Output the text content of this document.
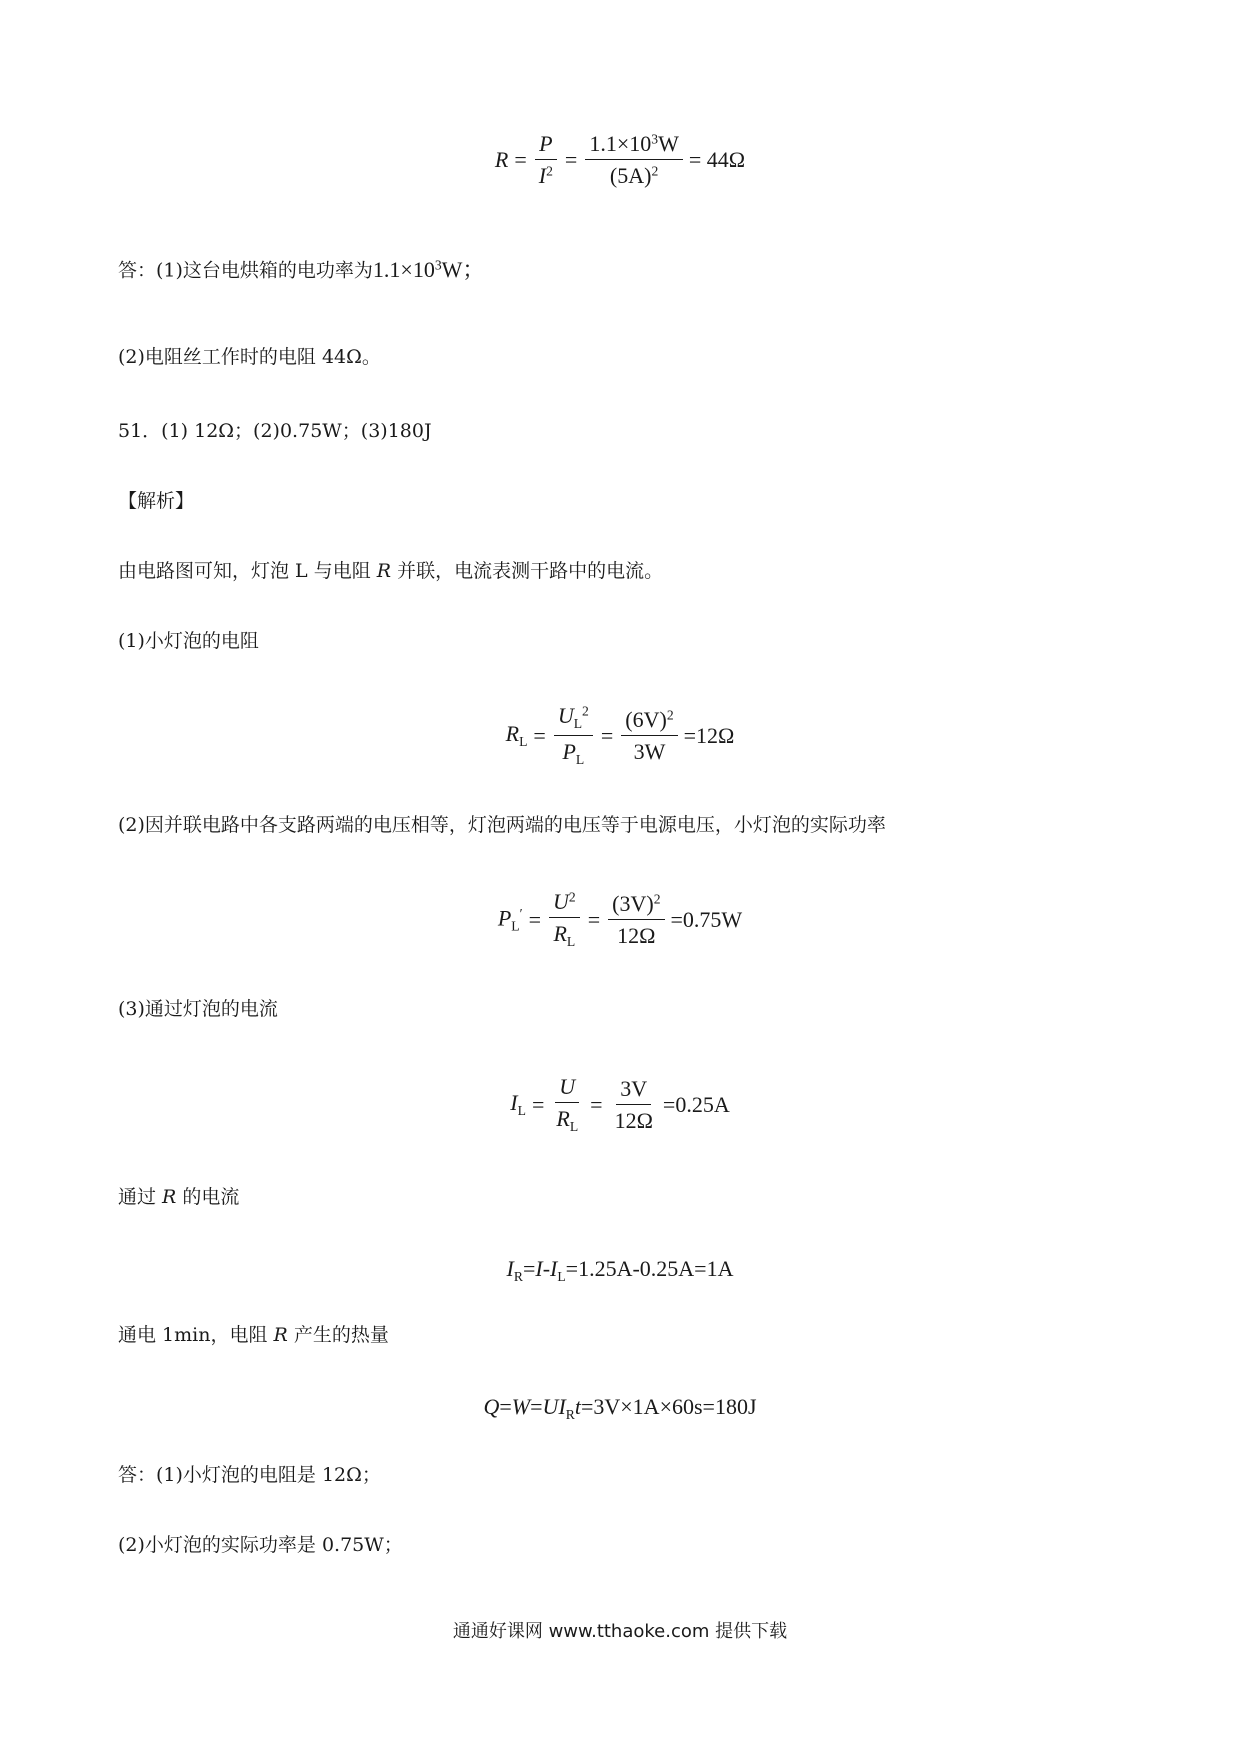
$R = \frac{P}{I^2} = \frac{1.1\times 10^3W}{(5A)^2} = 44\Omega$
答：(1)这台电烘箱的电功率为$1.1\times 10^3W$；
(2)电阻丝工作时的电阻 44Ω。
51．(1) 12Ω；(2)0.75W；(3)180J
【解析】
由电路图可知，灯泡 L 与电阻 R 并联，电流表测干路中的电流。
(1)小灯泡的电阻
$R_L = \frac{U_L^2}{P_L} = \frac{(6V)^2}{3W} =12\Omega$
(2)因并联电路中各支路两端的电压相等，灯泡两端的电压等于电源电压，小灯泡的实际功率
$P_L' = \frac{U^2}{R_L} = \frac{(3V)^2}{12\Omega} =0.75W$
(3)通过灯泡的电流
$I_L = \frac{U}{R_L} = \frac{3V}{12\Omega} =0.25A$
通过 R 的电流
$I_R=I-I_L=1.25A-0.25A=1A$
通电 1min，电阻 R 产生的热量
$Q=W=UI_Rt=3V\times 1A\times 60s=180J$
答：(1)小灯泡的电阻是 12Ω；
(2)小灯泡的实际功率是 0.75W；
通通好课网 www.tthaoke.com 提供下载
